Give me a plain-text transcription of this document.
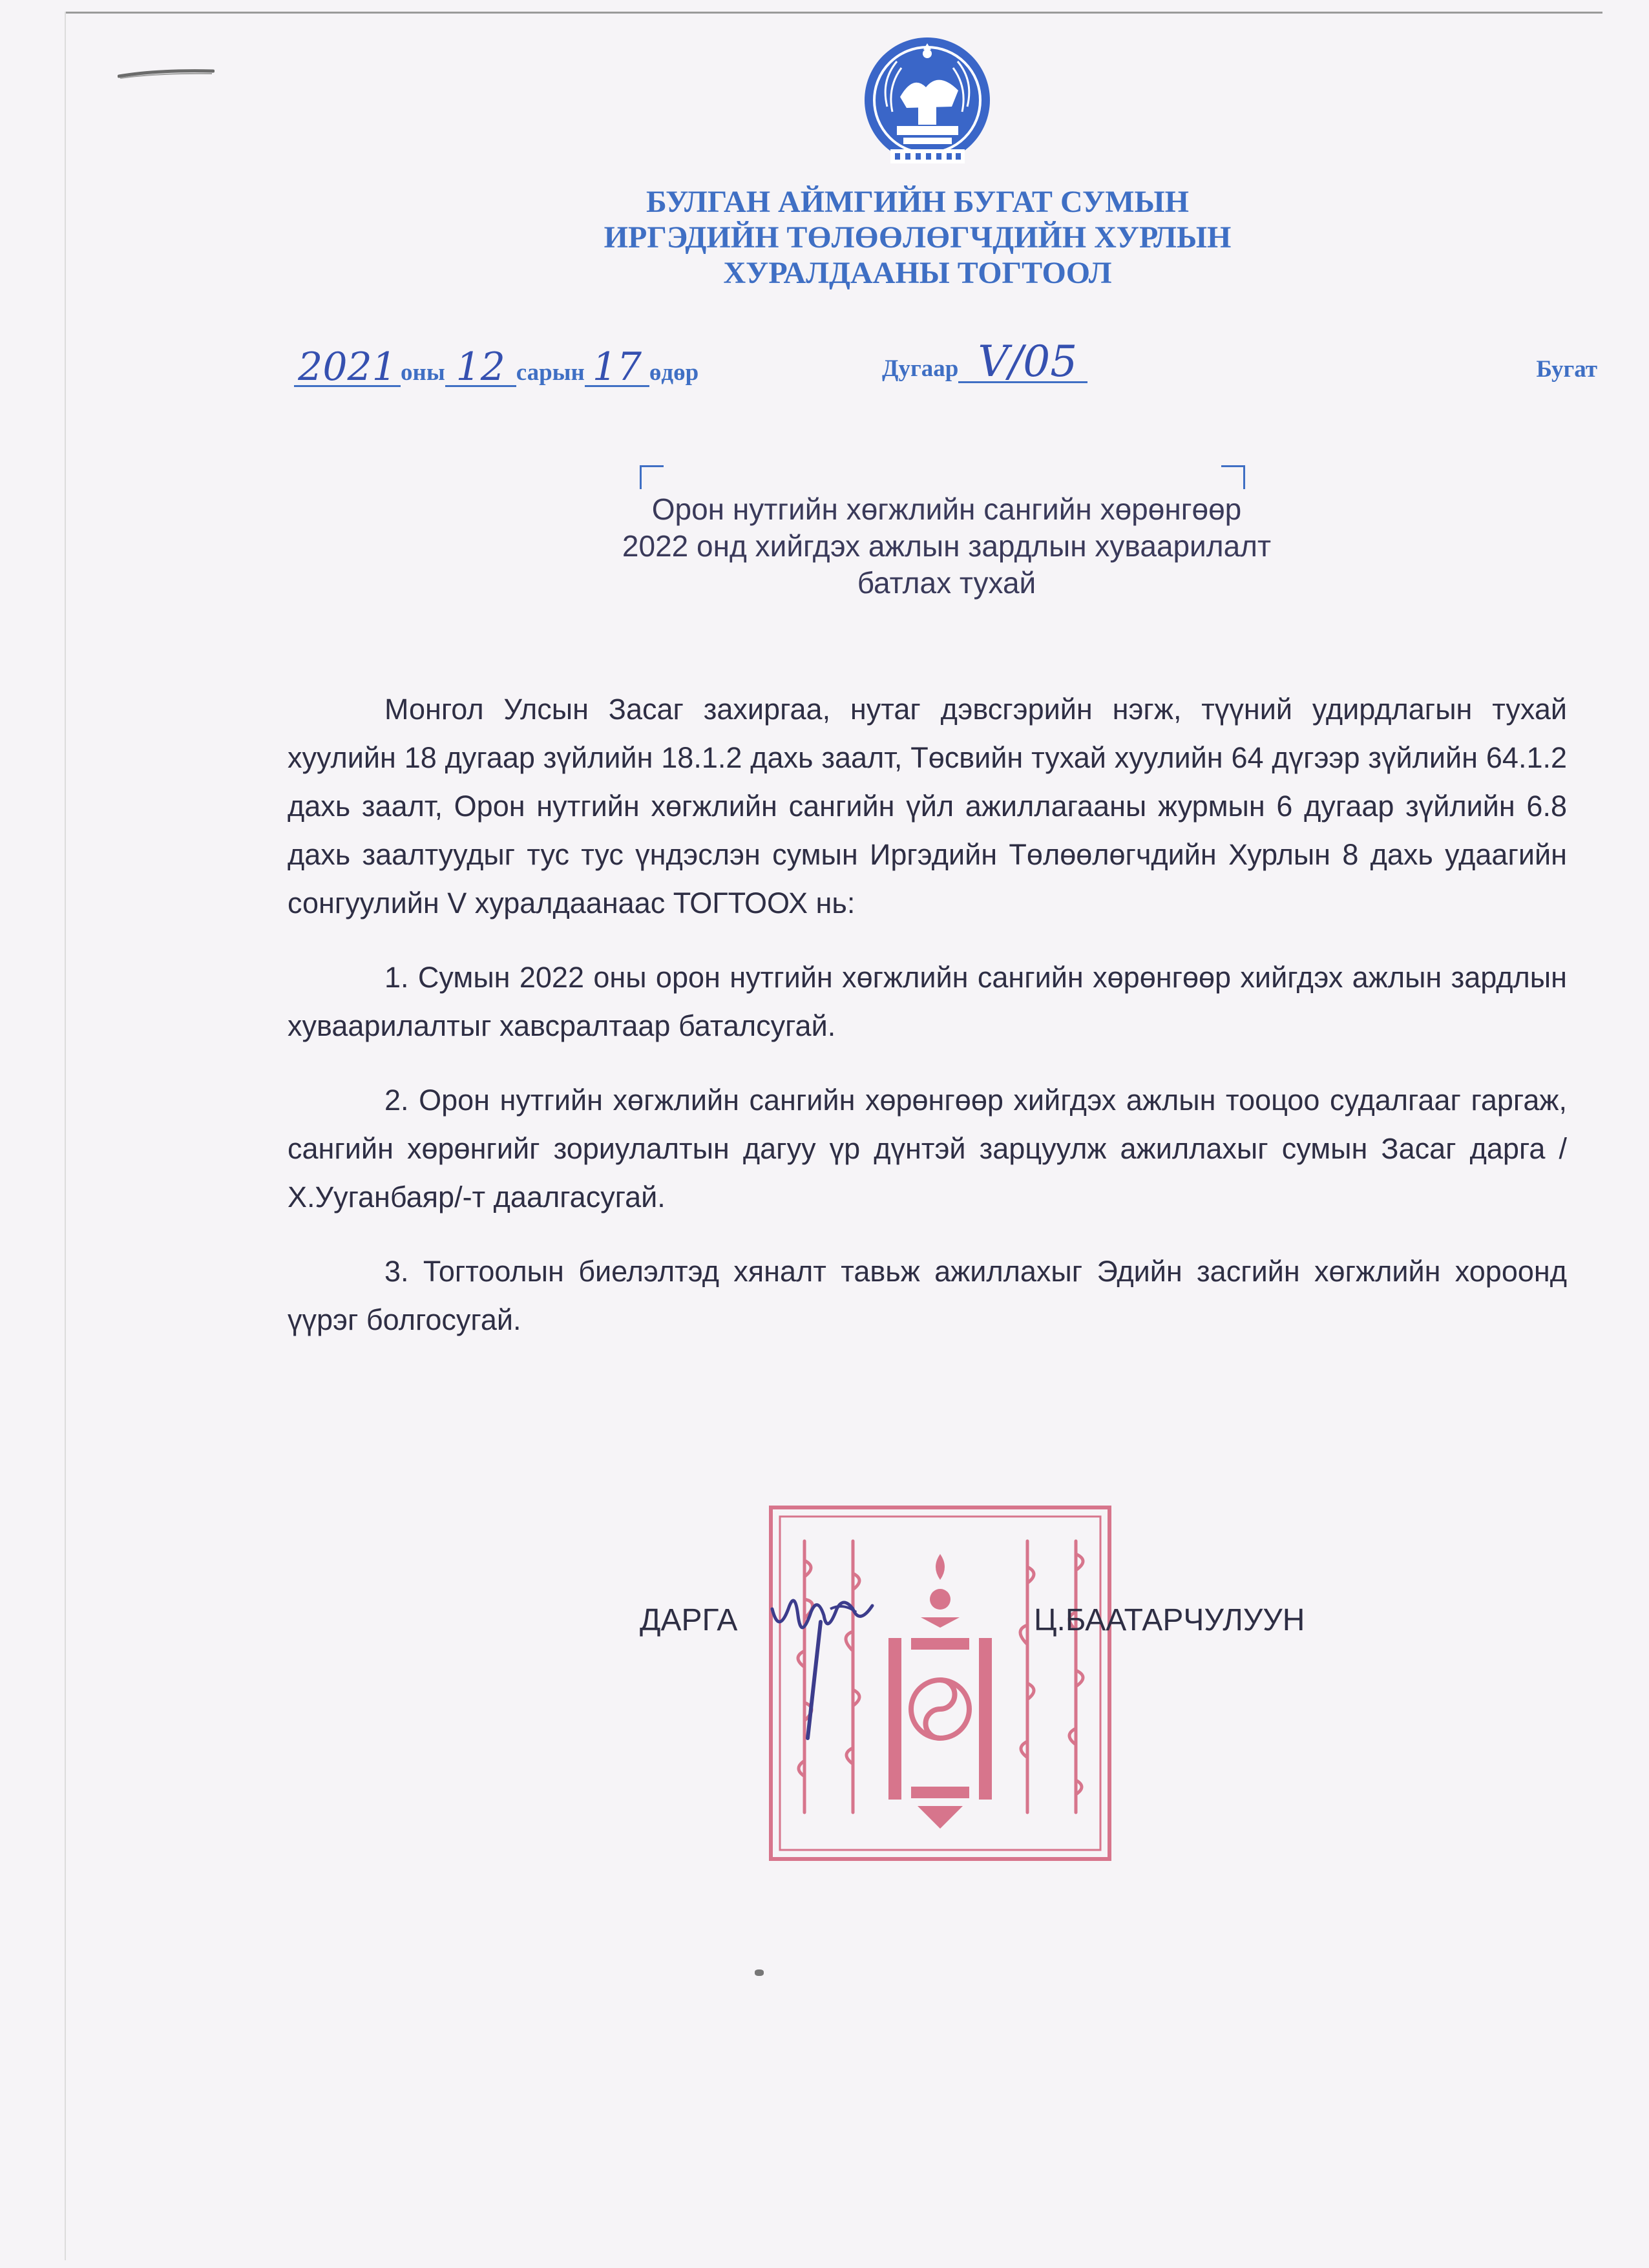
БУЛГАН АЙМГИЙН БУГАТ СУМЫН
ИРГЭДИЙН ТӨЛӨӨЛӨГЧДИЙН ХУРЛЫН
ХУРАЛДААНЫ ТОГТООЛ
2021 оны 12 сарын 17 өдөр	Дугаар V/05	Бугат
Орон нутгийн хөгжлийн сангийн хөрөнгөөр
2022 онд хийгдэх ажлын зардлын хуваарилалт
батлах тухай

Монгол Улсын Засаг захиргаа, нутаг дэвсгэрийн нэгж, түүний удирдлагын тухай хуулийн 18 дугаар зүйлийн 18.1.2 дахь заалт, Төсвийн тухай хуулийн 64 дүгээр зүйлийн 64.1.2 дахь заалт, Орон нутгийн хөгжлийн сангийн үйл ажиллагааны журмын 6 дугаар зүйлийн 6.8 дахь заалтуудыг тус тус үндэслэн сумын Иргэдийн Төлөөлөгчдийн Хурлын 8 дахь удаагийн сонгуулийн V хуралдаанаас ТОГТООХ нь:

1. Сумын 2022 оны орон нутгийн хөгжлийн сангийн хөрөнгөөр хийгдэх ажлын зардлын хуваарилалтыг хавсралтаар баталсугай.

2. Орон нутгийн хөгжлийн сангийн хөрөнгөөр хийгдэх ажлын тооцоо судалгааг гаргаж, сангийн хөрөнгийг зориулалтын дагуу үр дүнтэй зарцуулж ажиллахыг сумын Засаг дарга /Х.Ууганбаяр/-т даалгасугай.

3. Тогтоолын биелэлтэд хяналт тавьж ажиллахыг Эдийн засгийн хөгжлийн хороонд үүрэг болгосугай.

ДАРГА	Ц.БААТАРЧУЛУУН
